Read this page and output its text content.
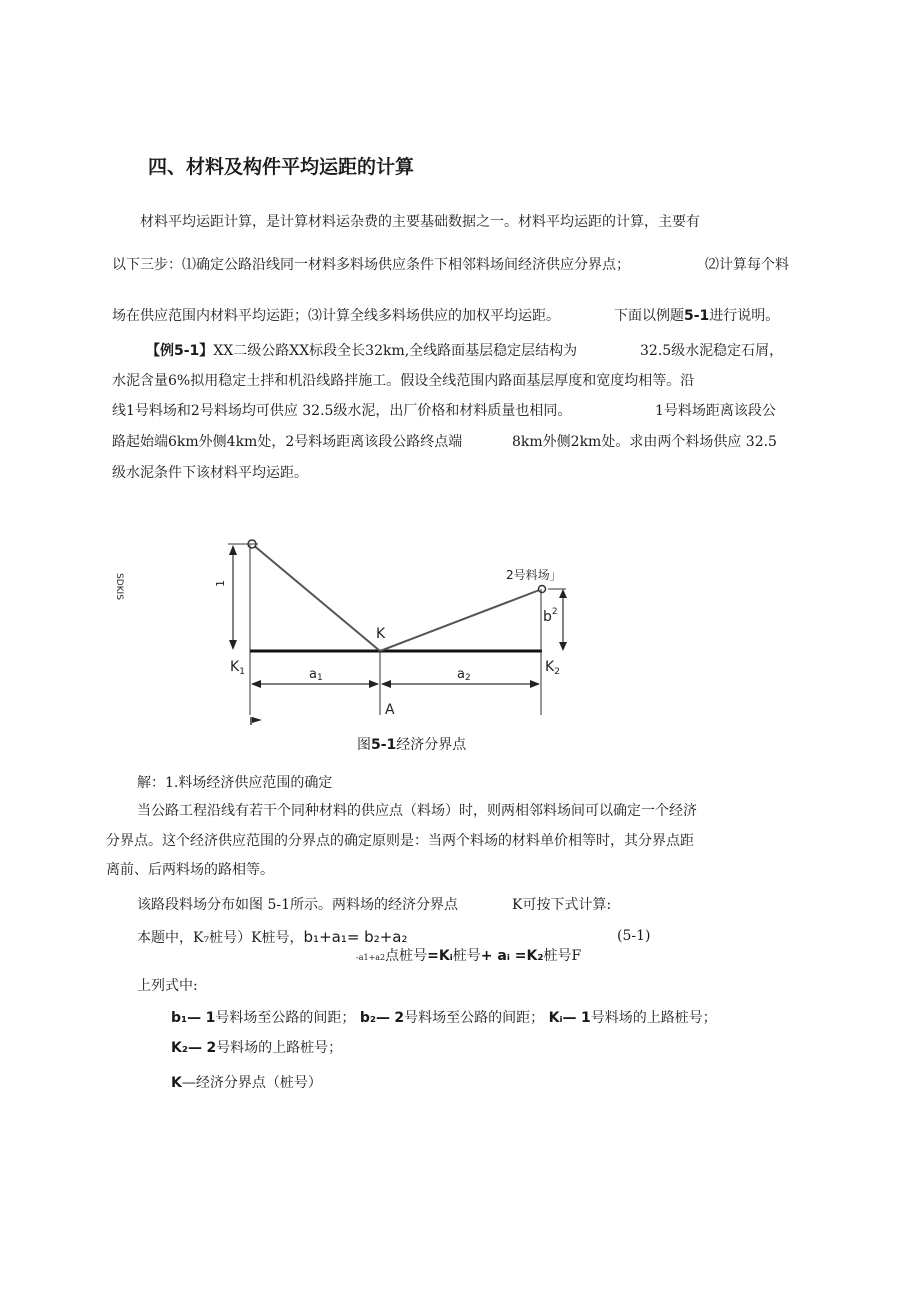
四、材料及构件平均运距的计算
材料平均运距计算，是计算材料运杂费的主要基础数据之一。材料平均运距的计算，主要有
以下三步：⑴确定公路沿线同一材料多料场供应条件下相邻料场间经济供应分界点；	⑵计算每个料
场在供应范围内材料平均运距；⑶计算全线多料场供应的加权平均运距。	下面以例题5-1进行说明。
【例5-1】XX二级公路XX标段全长32km,全线路面基层稳定层结构为	32.5级水泥稳定石屑，
水泥含量6%拟用稳定土拌和机沿线路拌施工。假设全线范围内路面基层厚度和宽度均相等。沿
线1号料场和2号料场均可供应 32.5级水泥，出厂价格和材料质量也相同。	1号料场距离该段公
路起始端6km外侧4km处，2号料场距离该段公路终点端	8km外侧2km处。求由两个料场供应 32.5
级水泥条件下该材料平均运距。
1
SDKIS
$b^2$
2号料场」
K
$K_1$	$K_2$
a1	a2
A
图5-1经济分界点
解：1.料场经济供应范围的确定
当公路工程沿线有若干个同种材料的供应点（料场）时，则两相邻料场间可以确定一个经济
分界点。这个经济供应范围的分界点的确定原则是：当两个料场的材料单价相等时，其分界点距
离前、后两料场的路相等。
该路段料场分布如图 5-1所示。两料场的经济分界点	K可按下式计算:
本题中，K₇桩号）K桩号，b₁+a₁= b₂+a₂	(5-1)
-a1+a2点桩号=Kᵢ桩号+ aᵢ =K₂桩号F
上列式中:
b₁— 1号料场至公路的间距； b₂— 2号料场至公路的间距； Kᵢ— 1号料场的上路桩号；
K₂— 2号料场的上路桩号；
K—经济分界点（桩号）
